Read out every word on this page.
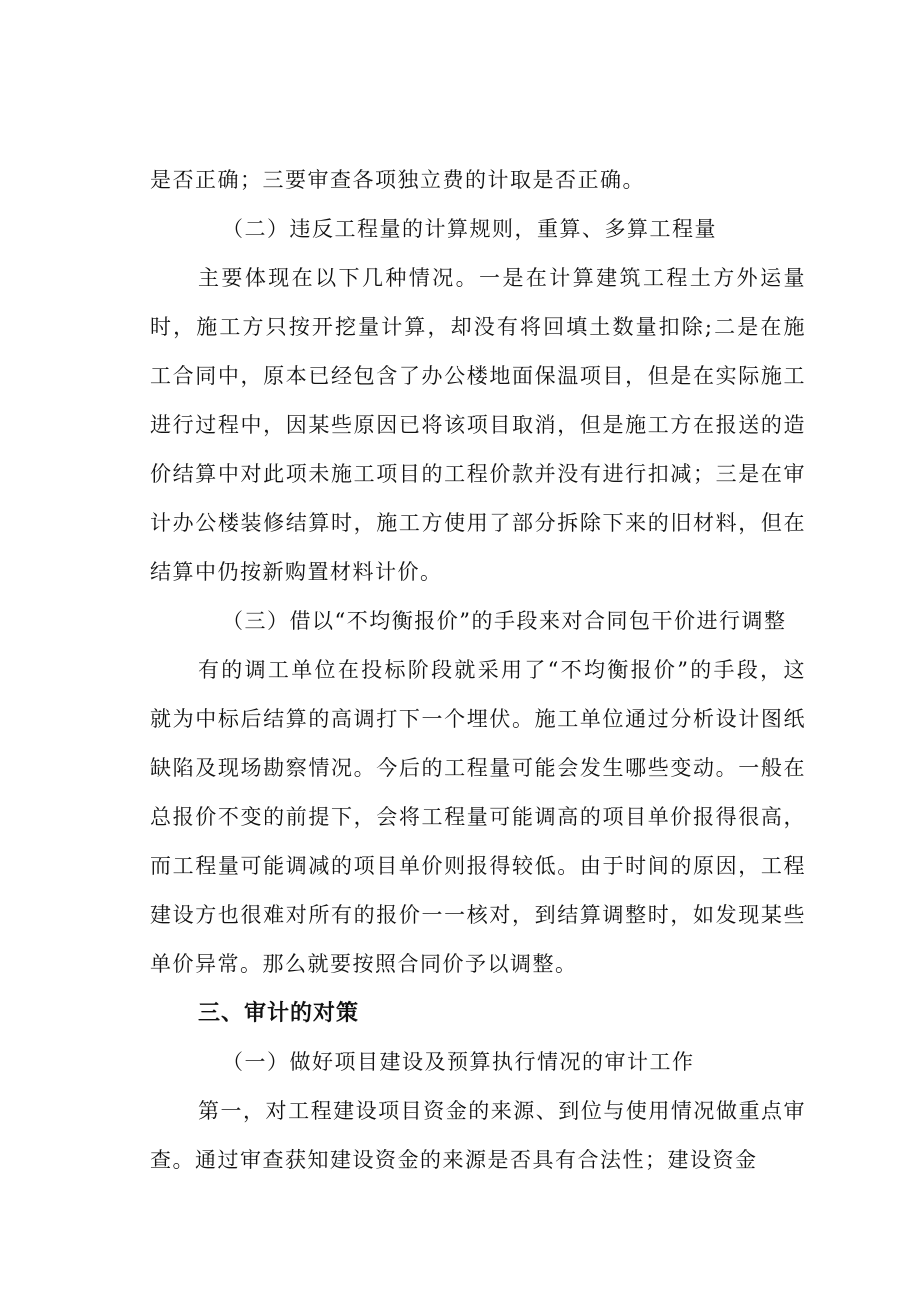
是否正确；三要审查各项独立费的计取是否正确。

（二）违反工程量的计算规则，重算、多算工程量

主要体现在以下几种情况。一是在计算建筑工程土方外运量时，施工方只按开挖量计算，却没有将回填土数量扣除;二是在施工合同中，原本已经包含了办公楼地面保温项目，但是在实际施工进行过程中，因某些原因已将该项目取消，但是施工方在报送的造价结算中对此项未施工项目的工程价款并没有进行扣减；三是在审计办公楼装修结算时，施工方使用了部分拆除下来的旧材料，但在结算中仍按新购置材料计价。

（三）借以“不均衡报价”的手段来对合同包干价进行调整

有的调工单位在投标阶段就采用了“不均衡报价”的手段，这就为中标后结算的高调打下一个埋伏。施工单位通过分析设计图纸缺陷及现场勘察情况。今后的工程量可能会发生哪些变动。一般在总报价不变的前提下，会将工程量可能调高的项目单价报得很高，而工程量可能调减的项目单价则报得较低。由于时间的原因，工程建设方也很难对所有的报价一一核对，到结算调整时，如发现某些单价异常。那么就要按照合同价予以调整。

三、审计的对策

（一）做好项目建设及预算执行情况的审计工作

第一，对工程建设项目资金的来源、到位与使用情况做重点审查。通过审查获知建设资金的来源是否具有合法性；建设资金
